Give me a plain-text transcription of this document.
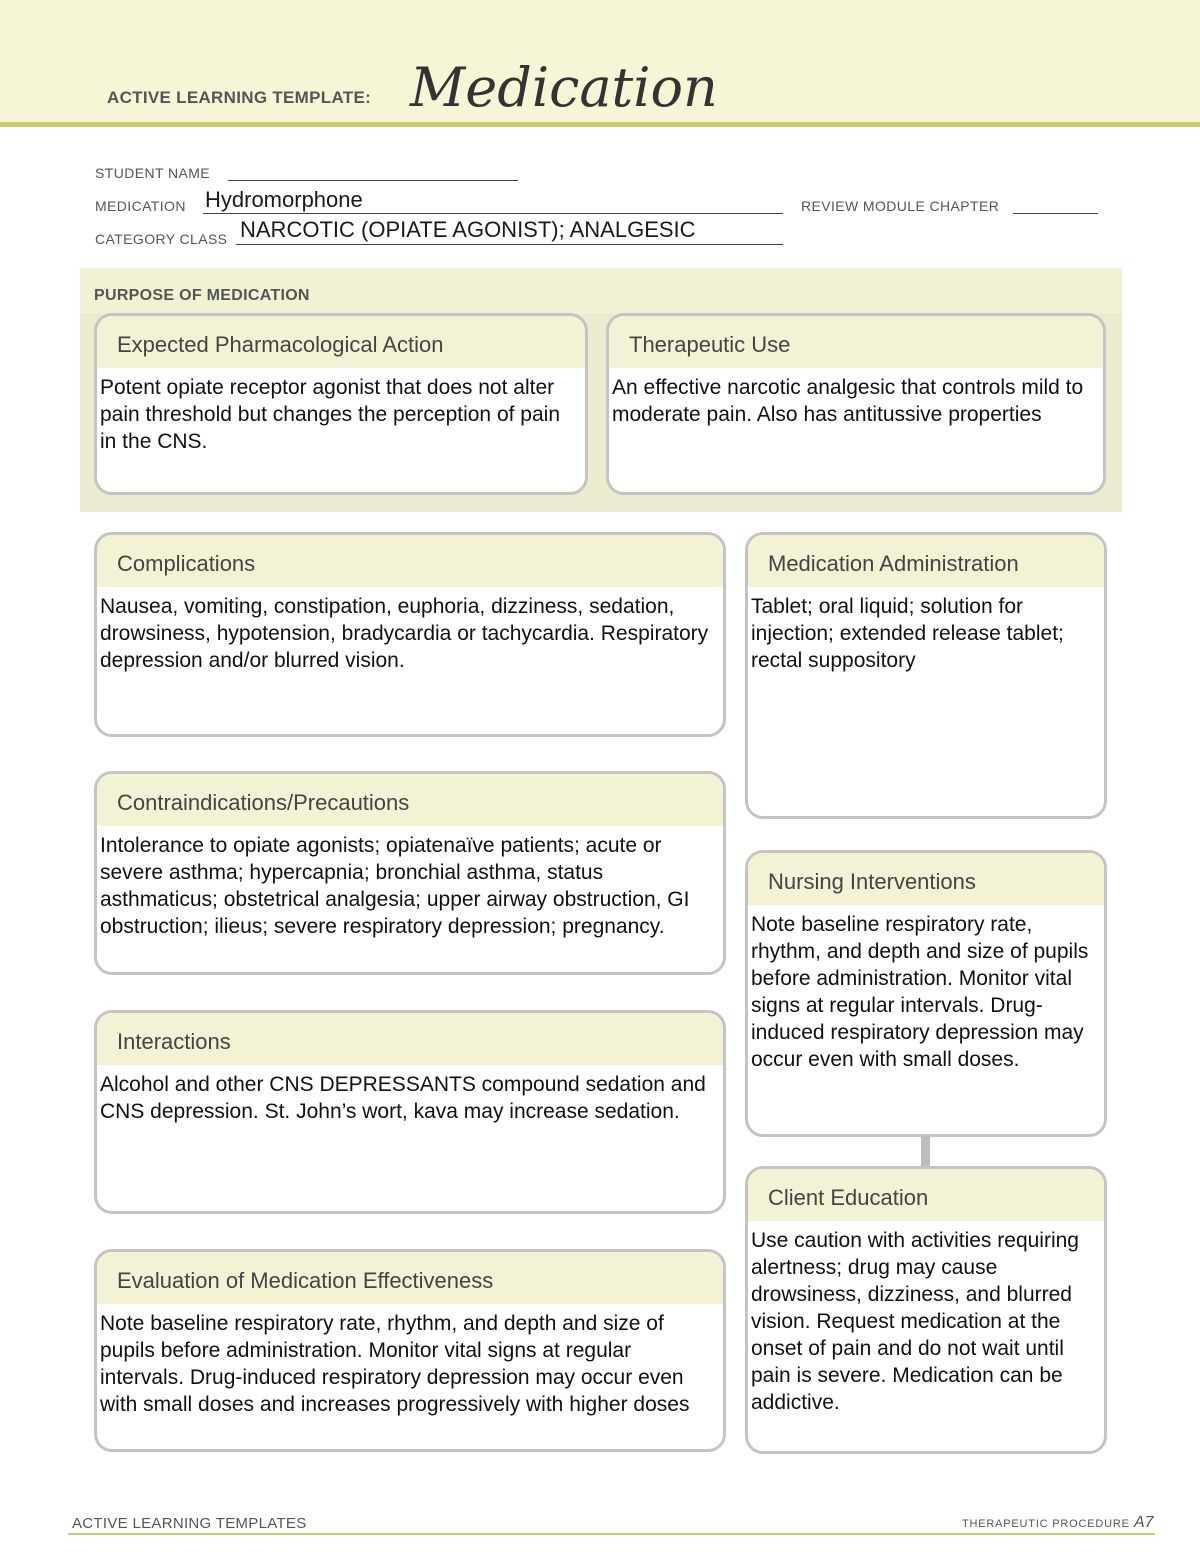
ACTIVE LEARNING TEMPLATE: Medication
STUDENT NAME
MEDICATION Hydromorphone	REVIEW MODULE CHAPTER
CATEGORY CLASS NARCOTIC (OPIATE AGONIST); ANALGESIC
PURPOSE OF MEDICATION
Expected Pharmacological Action
Potent opiate receptor agonist that does not alter pain threshold but changes the perception of pain in the CNS.
Therapeutic Use
An effective narcotic analgesic that controls mild to moderate pain. Also has antitussive properties
Complications
Nausea, vomiting, constipation, euphoria, dizziness, sedation, drowsiness, hypotension, bradycardia or tachycardia. Respiratory depression and/or blurred vision.
Contraindications/Precautions
Intolerance to opiate agonists; opiatenaïve patients; acute or severe asthma; hypercapnia; bronchial asthma, status asthmaticus; obstetrical analgesia; upper airway obstruction, GI obstruction; ilieus; severe respiratory depression; pregnancy.
Interactions
Alcohol and other CNS DEPRESSANTS compound sedation and CNS depression. St. John’s wort, kava may increase sedation.
Evaluation of Medication Effectiveness
Note baseline respiratory rate, rhythm, and depth and size of pupils before administration. Monitor vital signs at regular intervals. Drug-induced respiratory depression may occur even with small doses and increases progressively with higher doses
Medication Administration
Tablet; oral liquid; solution for injection; extended release tablet; rectal suppository
Nursing Interventions
Note baseline respiratory rate, rhythm, and depth and size of pupils before administration. Monitor vital signs at regular intervals. Drug-induced respiratory depression may occur even with small doses.
Client Education
Use caution with activities requiring alertness; drug may cause drowsiness, dizziness, and blurred vision. Request medication at the onset of pain and do not wait until pain is severe. Medication can be addictive.
ACTIVE LEARNING TEMPLATES	THERAPEUTIC PROCEDURE A7
